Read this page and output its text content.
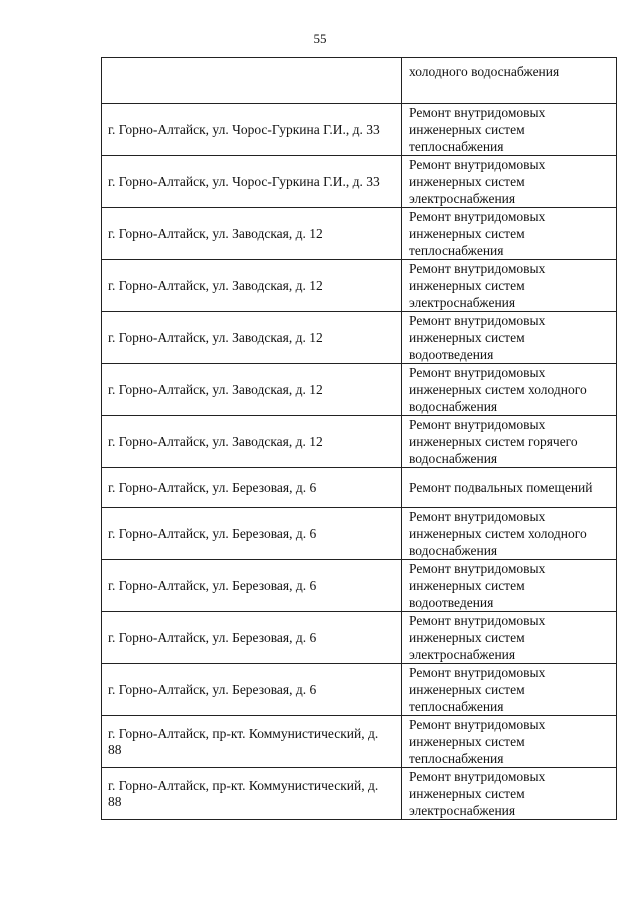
55
	холодного водоснабжения
г. Горно-Алтайск, ул. Чорос-Гуркина Г.И., д. 33	Ремонт внутридомовых инженерных систем теплоснабжения
г. Горно-Алтайск, ул. Чорос-Гуркина Г.И., д. 33	Ремонт внутридомовых инженерных систем электроснабжения
г. Горно-Алтайск, ул. Заводская, д. 12	Ремонт внутридомовых инженерных систем теплоснабжения
г. Горно-Алтайск, ул. Заводская, д. 12	Ремонт внутридомовых инженерных систем электроснабжения
г. Горно-Алтайск, ул. Заводская, д. 12	Ремонт внутридомовых инженерных систем водоотведения
г. Горно-Алтайск, ул. Заводская, д. 12	Ремонт внутридомовых инженерных систем холодного водоснабжения
г. Горно-Алтайск, ул. Заводская, д. 12	Ремонт внутридомовых инженерных систем горячего водоснабжения
г. Горно-Алтайск, ул. Березовая, д. 6	Ремонт подвальных помещений
г. Горно-Алтайск, ул. Березовая, д. 6	Ремонт внутридомовых инженерных систем холодного водоснабжения
г. Горно-Алтайск, ул. Березовая, д. 6	Ремонт внутридомовых инженерных систем водоотведения
г. Горно-Алтайск, ул. Березовая, д. 6	Ремонт внутридомовых инженерных систем электроснабжения
г. Горно-Алтайск, ул. Березовая, д. 6	Ремонт внутридомовых инженерных систем теплоснабжения
г. Горно-Алтайск, пр-кт. Коммунистический, д. 88	Ремонт внутридомовых инженерных систем теплоснабжения
г. Горно-Алтайск, пр-кт. Коммунистический, д. 88	Ремонт внутридомовых инженерных систем электроснабжения
